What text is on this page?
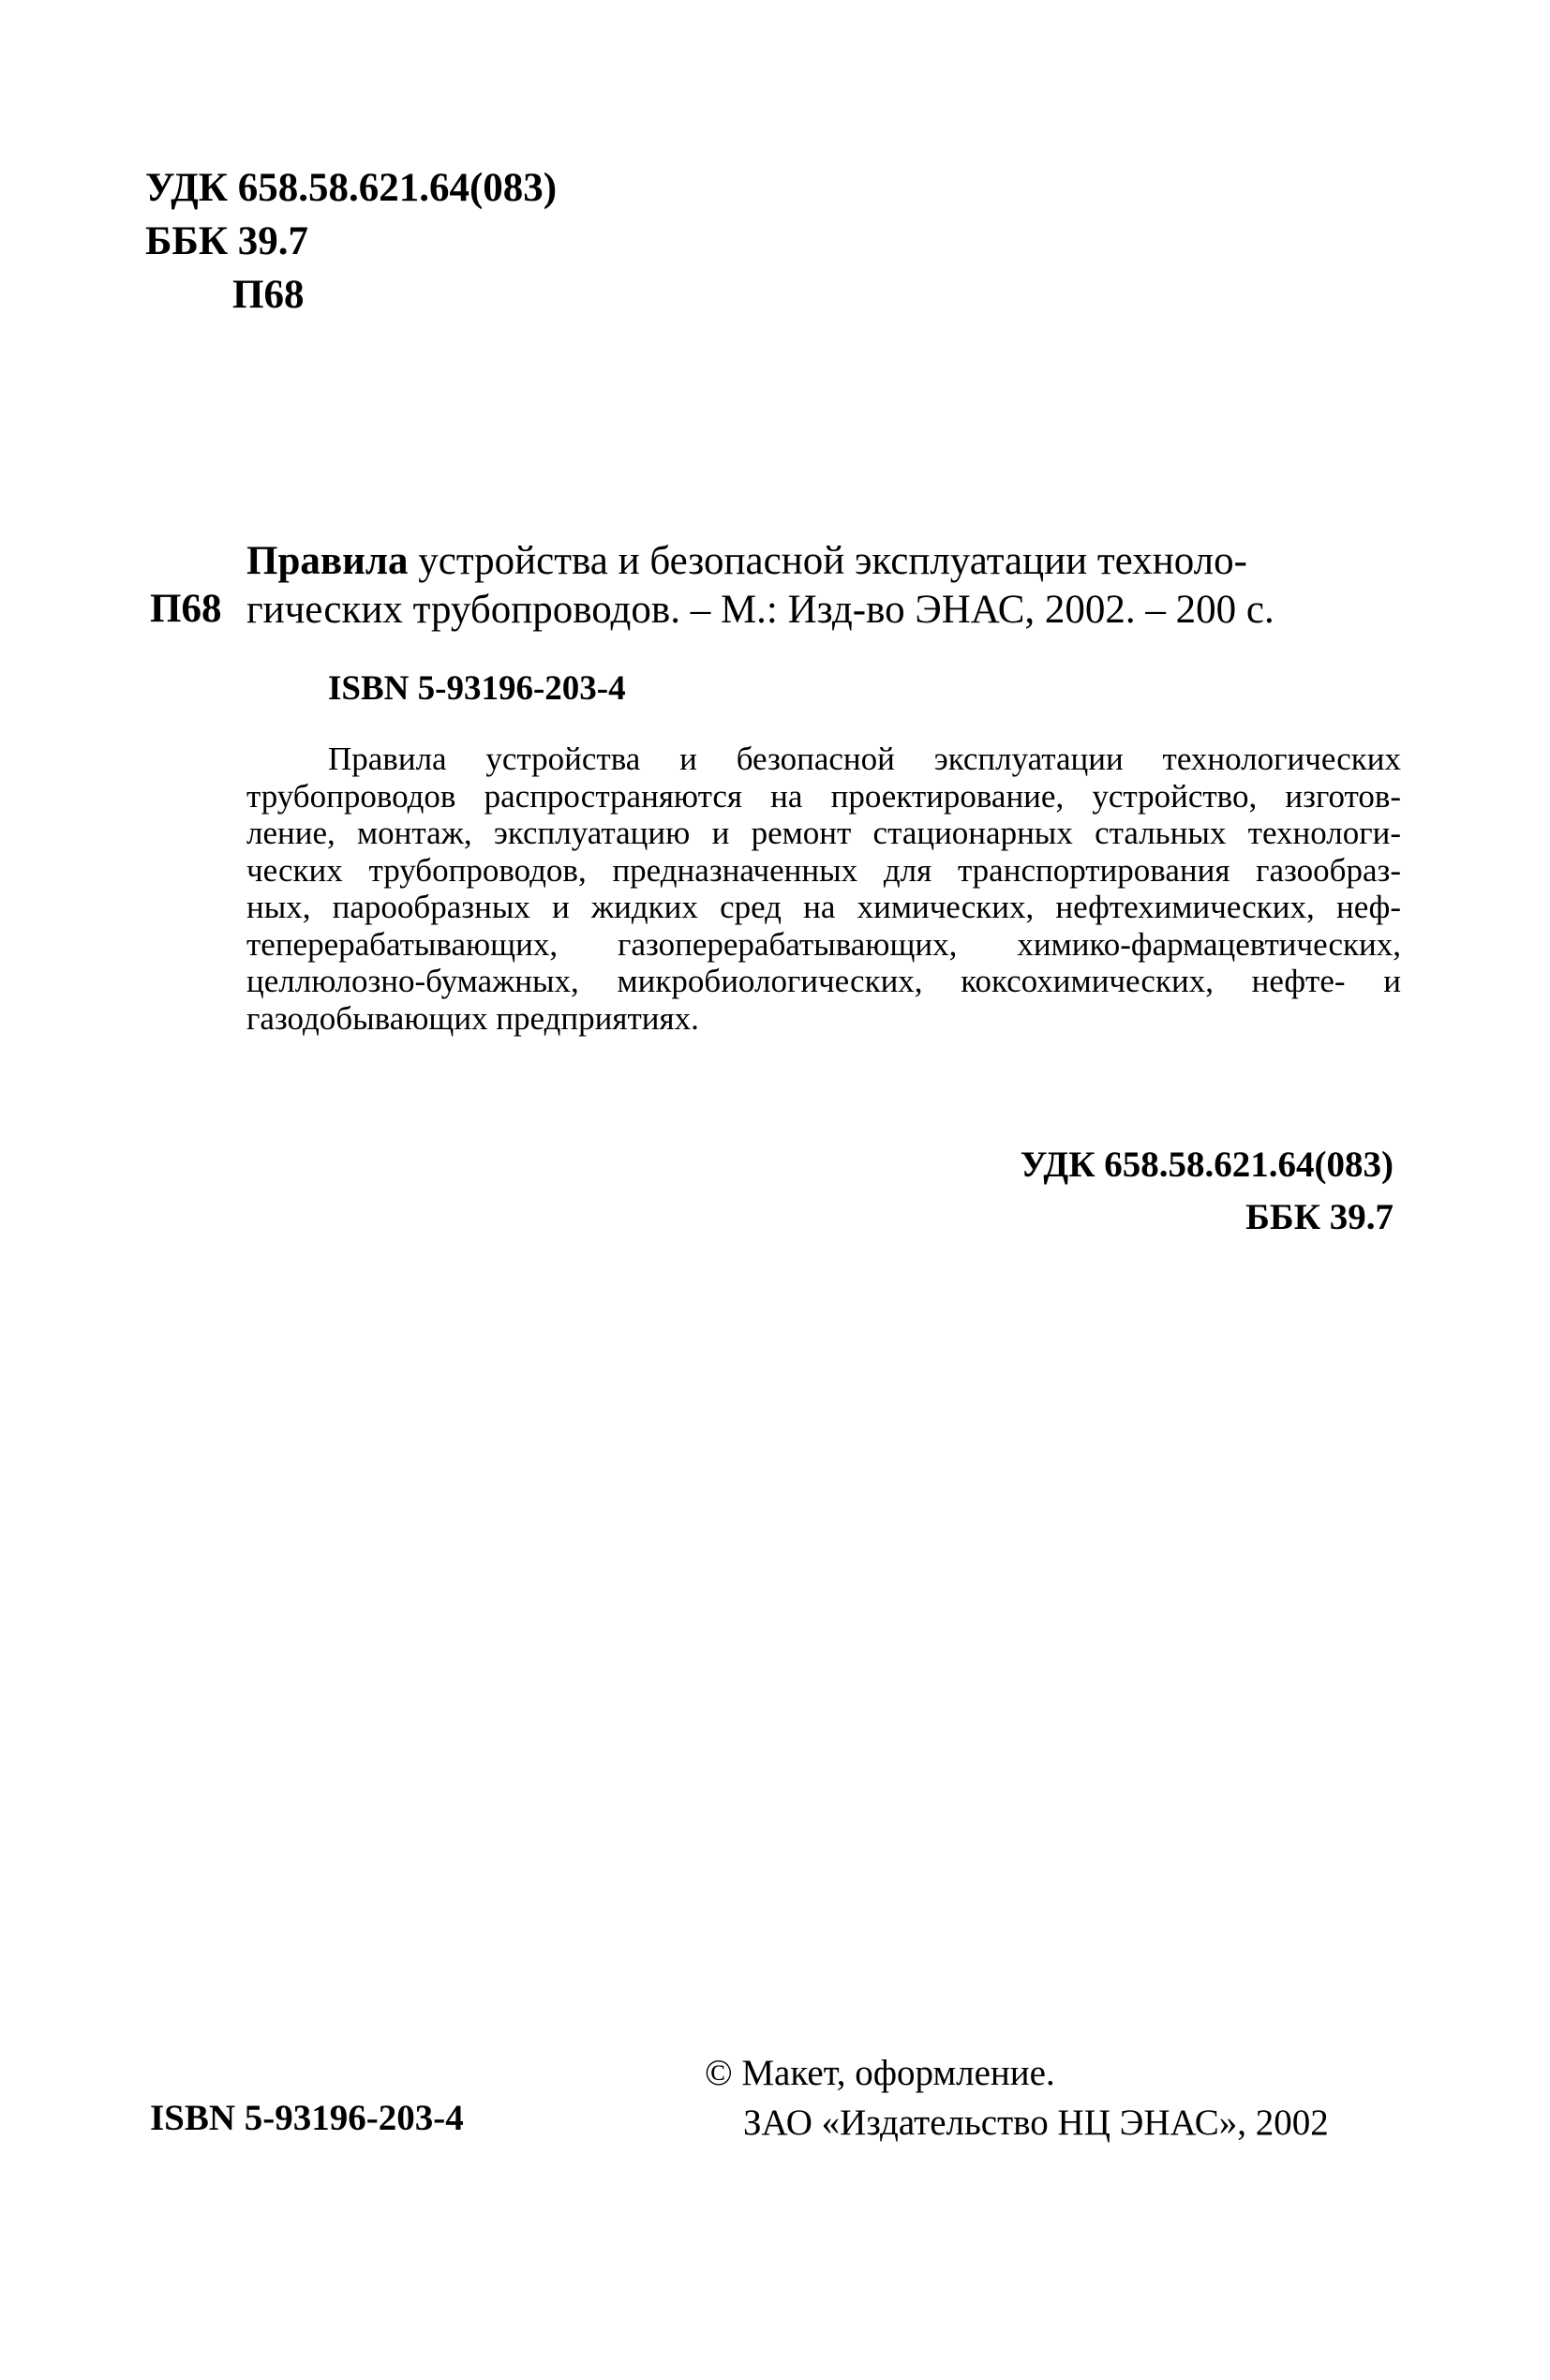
УДК 658.58.621.64(083)
ББК 39.7
П68
П68
Правила устройства и безопасной эксплуатации техноло-
гических трубопроводов. – М.: Изд-во ЭНАС, 2002. – 200 с.
ISBN 5-93196-203-4
Правила устройства и безопасной эксплуатации технологических
трубопроводов распространяются на проектирование, устройство, изготов-
ление, монтаж, эксплуатацию и ремонт стационарных стальных технологи-
ческих трубопроводов, предназначенных для транспортирования газообраз-
ных, парообразных и жидких сред на химических, нефтехимических, неф-
теперерабатывающих, газоперерабатывающих, химико-фармацевтических,
целлюлозно-бумажных, микробиологических, коксохимических, нефте- и
газодобывающих предприятиях.
УДК 658.58.621.64(083)
ББК 39.7
ISBN 5-93196-203-4
© Макет, оформление.
ЗАО «Издательство НЦ ЭНАС», 2002
